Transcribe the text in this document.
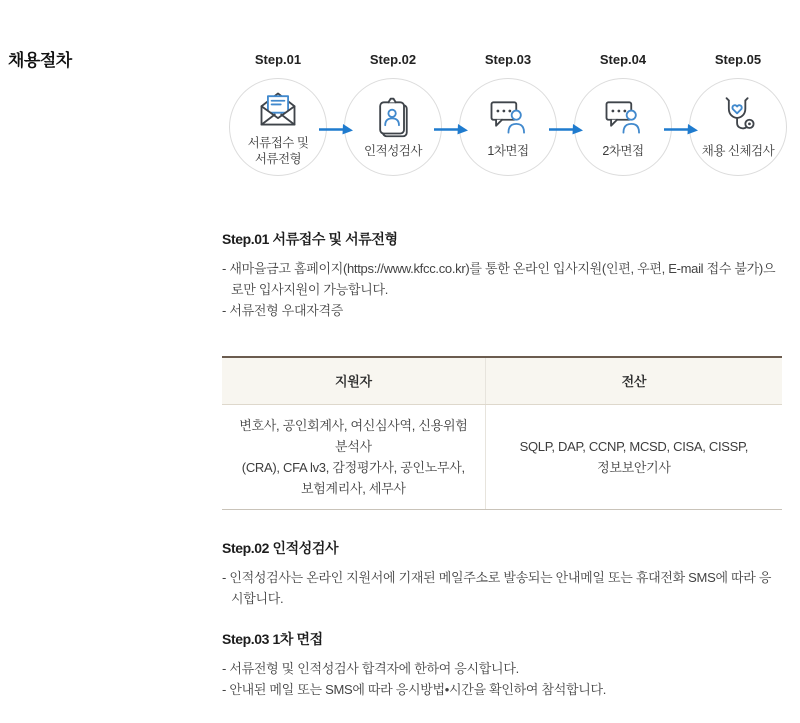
채용절차	Step.01
서류접수 및
서류전형
Step.02
인적성검사
Step.03
1차면접
Step.04
2차면접
Step.05
채용 신체검사
Step.01 서류접수 및 서류전형

- 새마을금고 홈페이지(https://www.kfcc.co.kr)를 통한 온라인 입사지원(인편, 우편, E-mail 접수 불가)으로만 입사지원이 가능합니다.

- 서류전형 우대자격증

지원자	전산

변호사, 공인회계사, 여신심사역, 신용위험분석사
(CRA), CFA lv3, 감정평가사, 공인노무사,
보험계리사, 세무사	SQLP, DAP, CCNP, MCSD, CISA, CISSP,
정보보안기사
Step.02 인적성검사

- 인적성검사는 온라인 지원서에 기재된 메일주소로 발송되는 안내메일 또는 휴대전화 SMS에 따라 응시합니다.

Step.03 1차 면접

- 서류전형 및 인적성검사 합격자에 한하여 응시합니다.

- 안내된 메일 또는 SMS에 따라 응시방법•시간을 확인하여 참석합니다.
